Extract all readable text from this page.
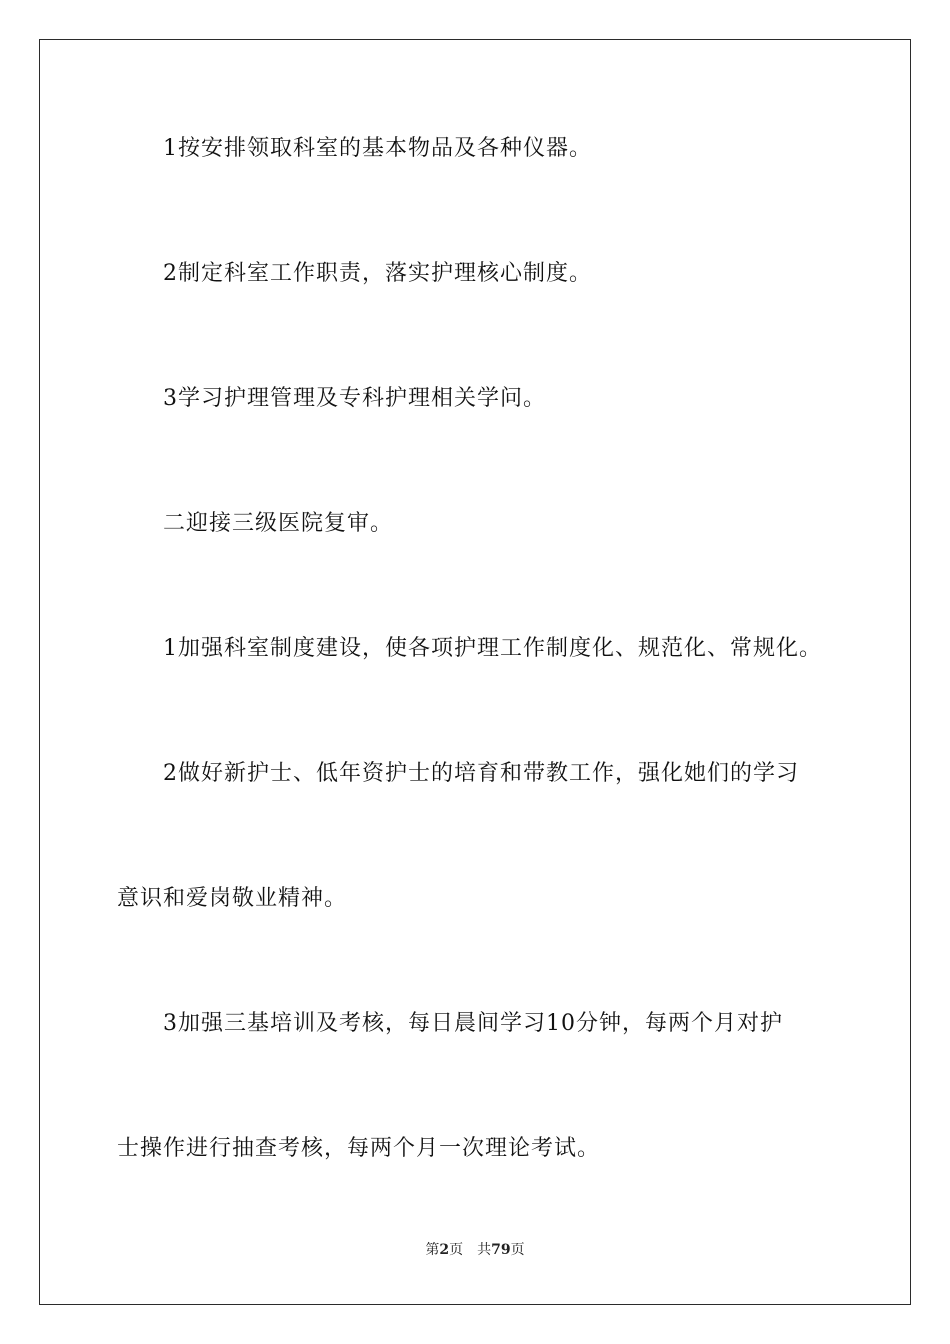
1按安排领取科室的基本物品及各种仪器。
2制定科室工作职责，落实护理核心制度。
3学习护理管理及专科护理相关学问。
二迎接三级医院复审。
1加强科室制度建设，使各项护理工作制度化、规范化、常规化。
2做好新护士、低年资护士的培育和带教工作，强化她们的学习
意识和爱岗敬业精神。
3加强三基培训及考核，每日晨间学习10分钟，每两个月对护
士操作进行抽查考核，每两个月一次理论考试。
第2页 共79页
